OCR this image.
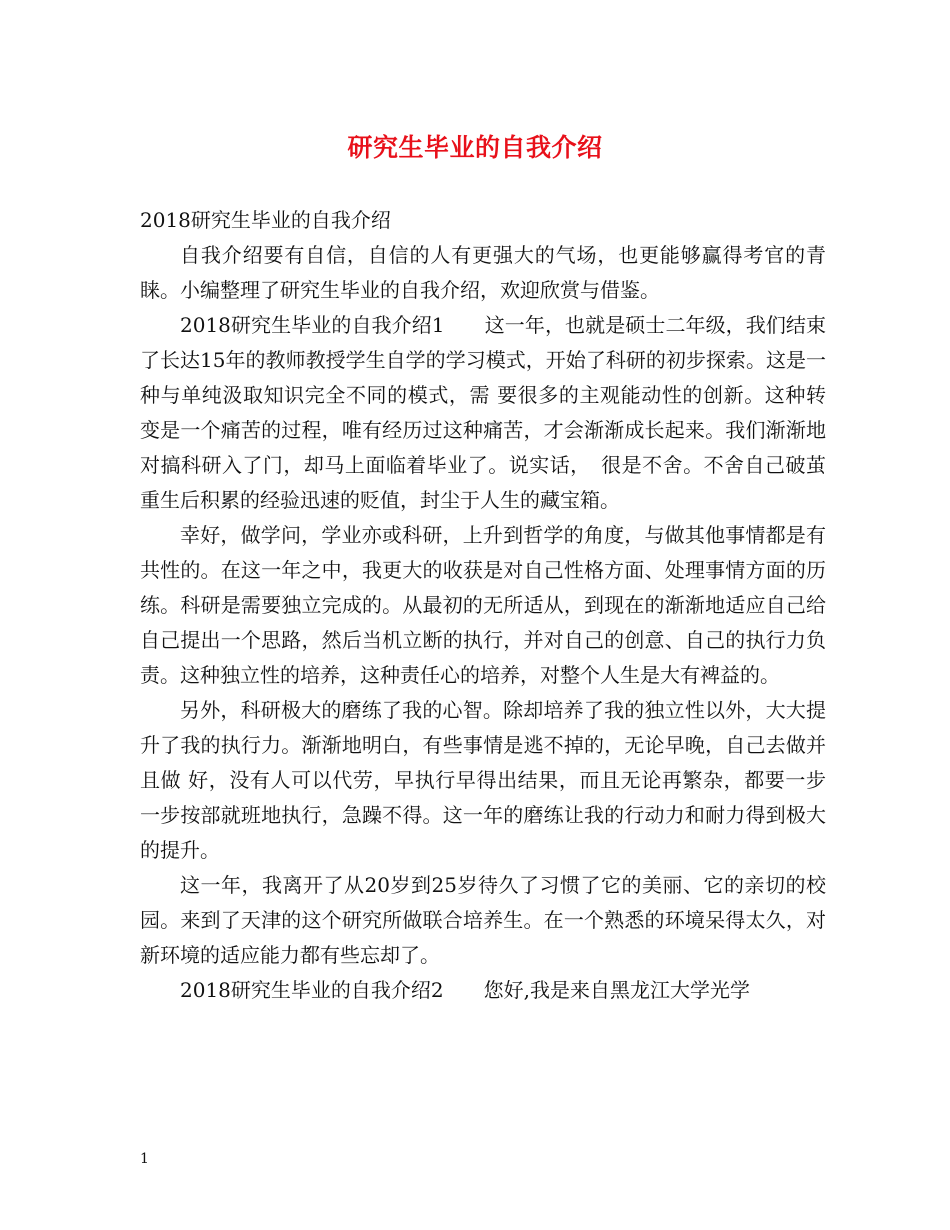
研究生毕业的自我介绍

2018研究生毕业的自我介绍

自我介绍要有自信，自信的人有更强大的气场，也更能够赢得考官的青睐。小编整理了研究生毕业的自我介绍，欢迎欣赏与借鉴。

2018研究生毕业的自我介绍1　　这一年，也就是硕士二年级，我们结束了长达15年的教师教授学生自学的学习模式，开始了科研的初步探索。这是一种与单纯汲取知识完全不同的模式，需 要很多的主观能动性的创新。这种转变是一个痛苦的过程，唯有经历过这种痛苦，才会渐渐成长起来。我们渐渐地对搞科研入了门，却马上面临着毕业了。说实话，　很是不舍。不舍自己破茧重生后积累的经验迅速的贬值，封尘于人生的藏宝箱。

幸好，做学问，学业亦或科研，上升到哲学的角度，与做其他事情都是有共性的。在这一年之中，我更大的收获是对自己性格方面、处理事情方面的历练。科研是需要独立完成的。从最初的无所适从，到现在的渐渐地适应自己给自己提出一个思路，然后当机立断的执行，并对自己的创意、自己的执行力负责。这种独立性的培养，这种责任心的培养，对整个人生是大有裨益的。

另外，科研极大的磨练了我的心智。除却培养了我的独立性以外，大大提升了我的执行力。渐渐地明白，有些事情是逃不掉的，无论早晚，自己去做并且做 好，没有人可以代劳，早执行早得出结果，而且无论再繁杂，都要一步一步按部就班地执行，急躁不得。这一年的磨练让我的行动力和耐力得到极大的提升。

这一年，我离开了从20岁到25岁待久了习惯了它的美丽、它的亲切的校园。来到了天津的这个研究所做联合培养生。在一个熟悉的环境呆得太久，对新环境的适应能力都有些忘却了。

2018研究生毕业的自我介绍2　　您好,我是来自黑龙江大学光学

1
